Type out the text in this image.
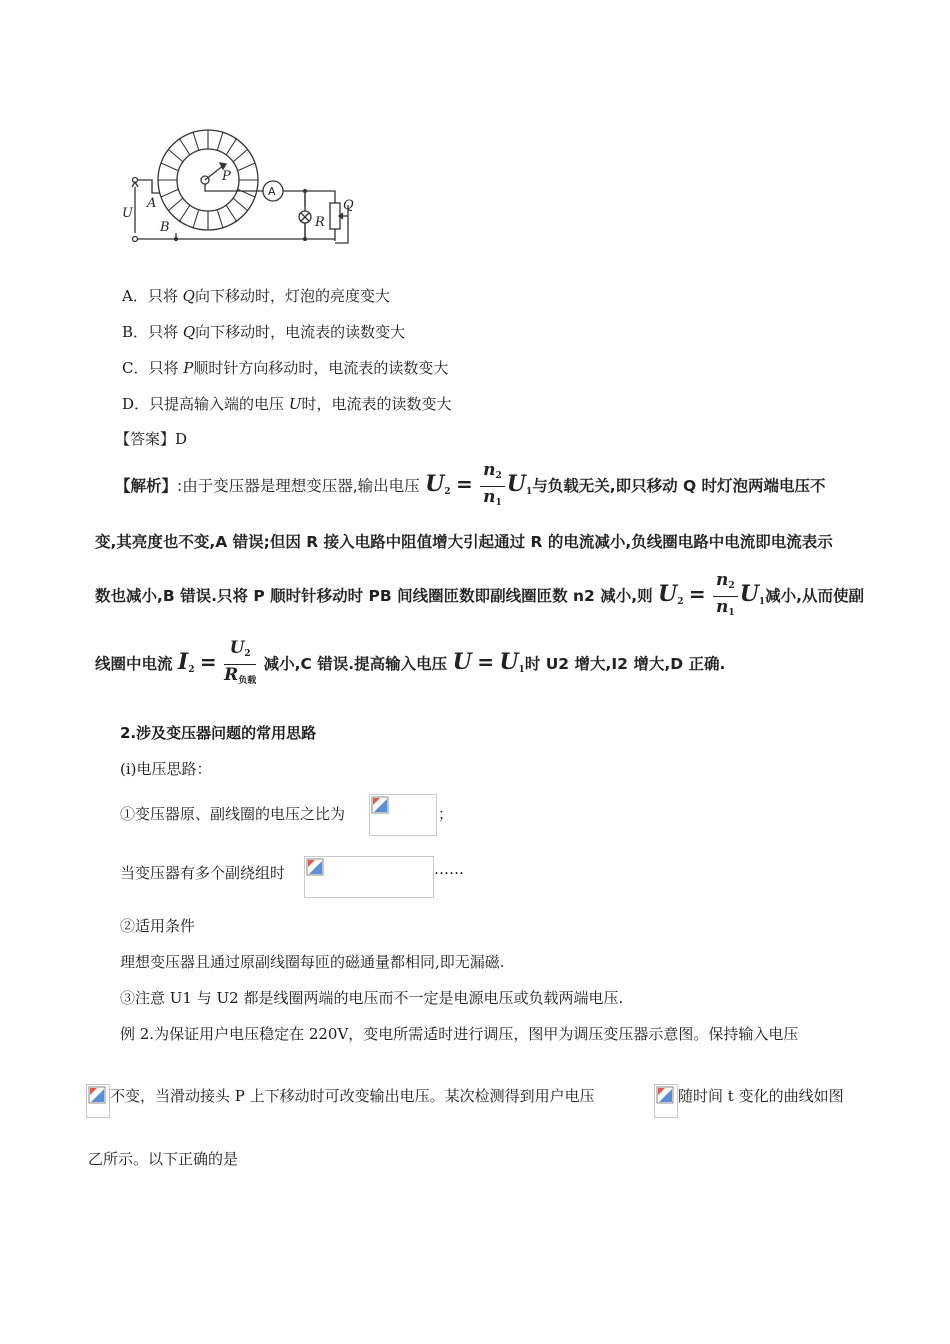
U
A
B
P
R
Q
A
A．只将 Q向下移动时，灯泡的亮度变大
B．只将 Q向下移动时，电流表的读数变大
C．只将 P顺时针方向移动时，电流表的读数变大
D．只提高输入端的电压 U时，电流表的读数变大
【答案】D
【解析】:由于变压器是理想变压器,输出电压 $U_2 = \frac{n_2}{n_1} U_1$与负载无关,即只移动 Q 时灯泡两端电压不
变,其亮度也不变,A 错误;但因 R 接入电路中阻值增大引起通过 R 的电流减小,负线圈电路中电流即电流表示
数也减小,B 错误.只将 P 顺时针移动时 PB 间线圈匝数即副线圈匝数 n2 减小,则 $U_2 = \frac{n_2}{n_1} U_1$减小,从而使副
线圈中电流 $I_2 = \frac{U_2}{R_{负载}}$ 减小,C 错误.提高输入电压 $U = U_1$时 U2 增大,I2 增大,D 正确.
2.涉及变压器问题的常用思路
(i)电压思路：
①变压器原、副线圈的电压之比为	；
当变压器有多个副绕组时	……
②适用条件
理想变压器且通过原副线圈每匝的磁通量都相同,即无漏磁.
③注意 U1 与 U2 都是线圈两端的电压而不一定是电源电压或负载两端电压.
例 2.为保证用户电压稳定在 220V，变电所需适时进行调压，图甲为调压变压器示意图。保持输入电压
不变，当滑动接头 P 上下移动时可改变输出电压。某次检测得到用户电压	随时间 t 变化的曲线如图
乙所示。以下正确的是
